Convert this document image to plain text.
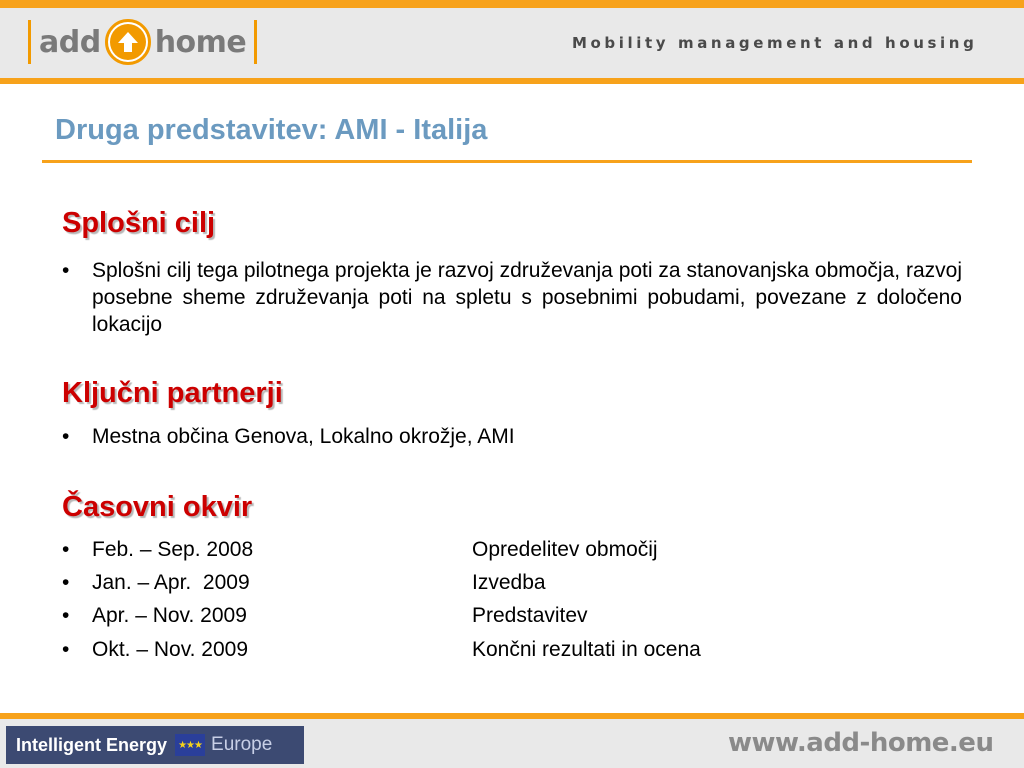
add home	Mobility management and housing
Druga predstavitev: AMI - Italija
Splošni cilj
• Splošni cilj tega pilotnega projekta je razvoj združevanja poti za stanovanjska območja, razvoj posebne sheme združevanja poti na spletu s posebnimi pobudami, povezane z določeno lokacijo
Ključni partnerji
• Mestna občina Genova, Lokalno okrožje, AMI
Časovni okvir
• Feb. – Sep. 2008	Opredelitev območij
• Jan. – Apr.  2009	Izvedba
• Apr. – Nov. 2009	Predstavitev
• Okt. – Nov. 2009	Končni rezultati in ocena
Intelligent Energy ★★★ Europe	www.add-home.eu
